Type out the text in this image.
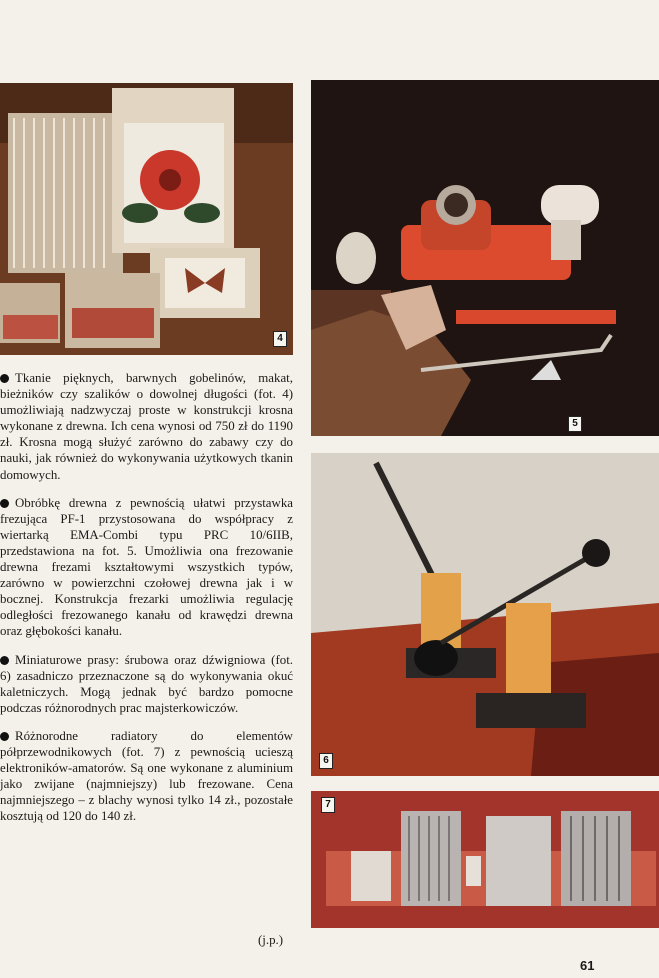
4
5
6
7

Tkanie pięknych, barwnych gobelinów, makat, bieżników czy szalików o dowolnej długości (fot. 4) umożliwiają nadzwyczaj proste w konstrukcji krosna wykonane z drewna. Ich cena wynosi od 750 zł do 1190 zł. Krosna mogą służyć zarówno do zabawy czy do nauki, jak również do wykonywania użytkowych tkanin domowych.

Obróbkę drewna z pewnością ułatwi przystawka frezująca PF-1 przystosowana do współpracy z wiertarką EMA-Combi typu PRC 10/6IIB, przedstawiona na fot. 5. Umożliwia ona frezowanie drewna frezami kształtowymi wszystkich typów, zarówno w powierzchni czołowej drewna jak i w bocznej. Konstrukcja frezarki umożliwia regulację odległości frezowanego kanału od krawędzi drewna oraz głębokości kanału.

Miniaturowe prasy: śrubowa oraz dźwigniowa (fot. 6) zasadniczo przeznaczone są do wykonywania okuć kaletniczych. Mogą jednak być bardzo pomocne podczas różnorodnych prac majsterkowiczów.

Różnorodne radiatory do elementów półprzewodnikowych (fot. 7) z pewnością ucieszą elektroników-amatorów. Są one wykonane z aluminium jako zwijane (najmniejszy) lub frezowane. Cena najmniejszego – z blachy wynosi tylko 14 zł., pozostałe kosztują od 120 do 140 zł.

(j.p.)
61
